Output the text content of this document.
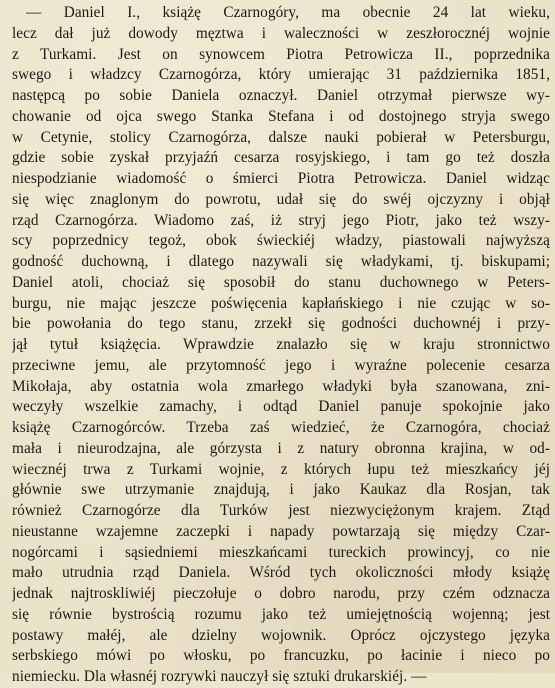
— Daniel I., książę Czarnogóry, ma obecnie 24 lat wieku,
lecz dał już dowody męztwa i waleczności w zeszłorocznéj wojnie
z Turkami. Jest on synowcem Piotra Petrowicza II., poprzednika
swego i władzcy Czarnogórza, który umierając 31 października 1851,
następcą po sobie Daniela oznaczył. Daniel otrzymał pierwsze wy-
chowanie od ojca swego Stanka Stefana i od dostojnego stryja swego
w Cetynie, stolicy Czarnogórza, dalsze nauki pobierał w Petersburgu,
gdzie sobie zyskał przyjaźń cesarza rosyjskiego, i tam go też doszła
niespodzianie wiadomość o śmierci Piotra Petrowicza. Daniel widząc
się więc znaglonym do powrotu, udał się do swéj ojczyzny i objął
rząd Czarnogórza. Wiadomo zaś, iż stryj jego Piotr, jako też wszy-
scy poprzednicy tegoż, obok świeckiéj władzy, piastowali najwyższą
godność duchowną, i dlatego nazywali się władykami, tj. biskupami;
Daniel atoli, chociaż się sposobił do stanu duchownego w Peters-
burgu, nie mając jeszcze poświęcenia kapłańskiego i nie czując w so-
bie powołania do tego stanu, zrzekł się godności duchownéj i przy-
jął tytuł książęcia. Wprawdzie znalazło się w kraju stronnictwo
przeciwne jemu, ale przytomność jego i wyraźne polecenie cesarza
Mikołaja, aby ostatnia wola zmarłego władyki była szanowana, zni-
weczyły wszelkie zamachy, i odtąd Daniel panuje spokojnie jako
książę Czarnogórców. Trzeba zaś wiedzieć, że Czarnogóra, chociaż
mała i nieurodzajna, ale górzysta i z natury obronna krajina, w od-
wiecznéj trwa z Turkami wojnie, z których łupu też mieszkańcy jéj
głównie swe utrzymanie znajdują, i jako Kaukaz dla Rosjan, tak
również Czarnogórze dla Turków jest niezwyciężonym krajem. Ztąd
nieustanne wzajemne zaczepki i napady powtarzają się między Czar-
nogórcami i sąsiedniemi mieszkańcami tureckich prowincyj, co nie
mało utrudnia rząd Daniela. Wśród tych okoliczności młody książę
jednak najtroskliwiéj pieczołuje o dobro narodu, przy czém odznacza
się równie bystrością rozumu jako też umiejętnością wojenną; jest
postawy małéj, ale dzielny wojownik. Oprócz ojczystego języka
serbskiego mówi po włosku, po francuzku, po łacinie i nieco po
niemiecku. Dla własnéj rozrywki nauczył się sztuki drukarskiéj. —
